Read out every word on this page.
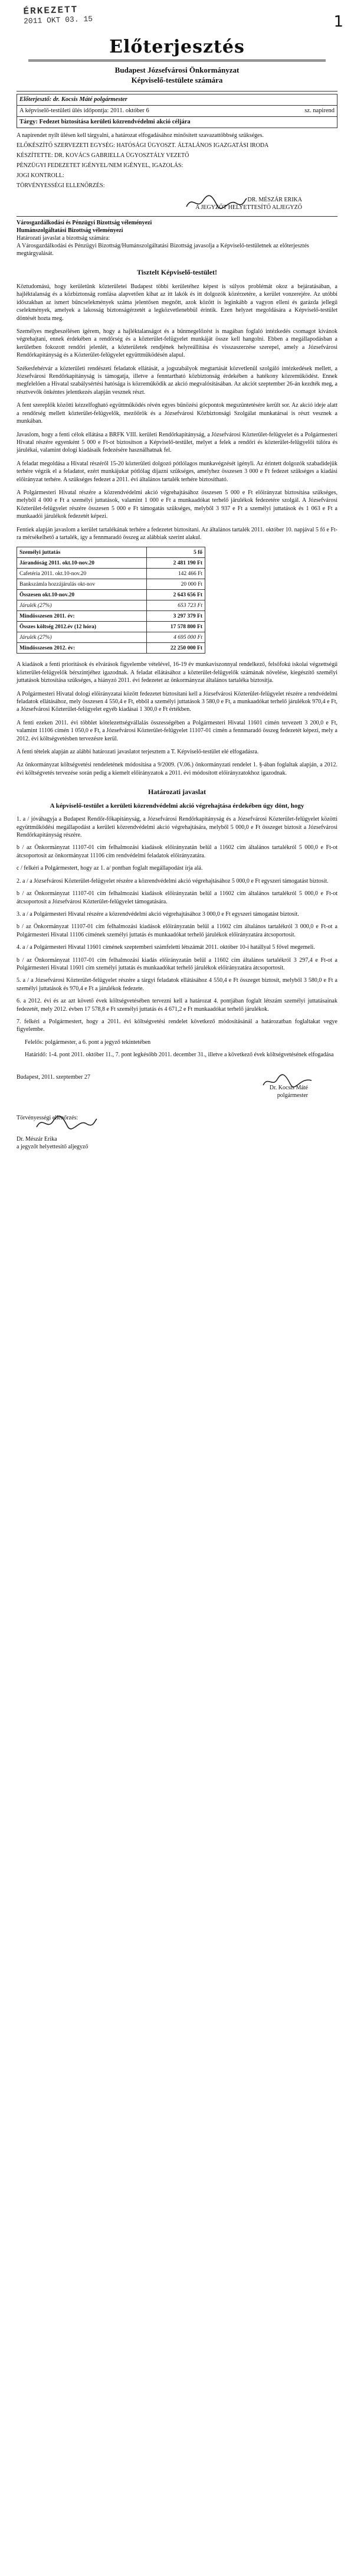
ÉRKEZETT
2011 OKT 03. 15	1
Előterjesztés
Budapest Józsefvárosi Önkormányzat
Képviselő-testülete számára
Előterjesztő: dr. Kocsis Máté polgármester
A képviselő-testületi ülés időpontja: 2011. október 6	sz. napirend
Tárgy: Fedezet biztosítása kerületi közrendvédelmi akció céljára
A napirendet nyílt ülésen kell tárgyalni, a határozat elfogadásához minősített szavazattöbbség szükséges.
ELŐKÉSZÍTŐ SZERVEZETI EGYSÉG: HATÓSÁGI ÜGYOSZT. ÁLTALÁNOS IGAZGATÁSI IRODA
KÉSZÍTETTE: DR. KOVÁCS GABRIELLA ÜGYOSZTÁLY VEZETŐ
PÉNZÜGYI FEDEZETET IGÉNYEL/NEM IGÉNYEL, IGAZOLÁS:
JOGI KONTROLL:
TÖRVÉNYESSÉGI ELLENŐRZÉS:
DR. MÉSZÁR ERIKA
A JEGYZŐT HELYETTESÍTŐ ALJEGYZŐ
Városgazdálkodási és Pénzügyi Bizottság véleményezi
Humánszolgáltatási Bizottság véleményezi
Határozati javaslat a bizottság számára:
A Városgazdálkodási és Pénzügyi Bizottság/Humánszolgáltatási Bizottság javasolja a Képviselő-testületnek az előterjesztés megtárgyalását.
Tisztelt Képviselő-testület!

Köztudomású, hogy kerületünk közterületei Budapest többi kerületéhez képest is súlyos problémát okoz a bejáratásában, a hajléktalanság és a közbiztonság romlása alapvetően kihat az itt lakók és itt dolgozók közérzetére, a kerület vonzerejére. Az utóbbi időszakban az ismert bűncselekmények száma jelentősen megnőtt, azok között is leginkább a vagyon elleni és garázda jellegű cselekmények, amelyek a lakosság biztonságérzetét a legközvetlenebbül érintik. Ezen helyzet megoldására a Képviselő-testület döntését hozta meg.

Személyes megbeszélésen ígérem, hogy a hajléktalanságot és a bűnmegelőzést is magában foglaló intézkedés csomagot kívánok végrehajtani, ennek érdekében a rendőrség és a közterület-felügyelet munkáját össze kell hangolni. Ebben a megállapodásban a kerületben fokozott rendőri jelenlét, a közterületek rendjének helyreállítása és visszaszerzése szerepel, amely a Józsefvárosi Rendőrkapitányság és a Közterület-felügyelet együttműködésén alapul.

Székesfehérvár a közterületi rendészeti feladatok ellátását, a jogszabályok megtartását közvetlenül szolgáló intézkedések mellett, a Józsefvárosi Rendőrkapitányság is támogatja, illetve a fenntartható közbiztonság érdekében a hatékony közreműködést. Ennek megfelelően a Hivatal szabálysértési hatósága is közreműködik az akció megvalósításában. Az akciót szeptember 26-án kezdték meg, a résztvevők önkéntes jelentkezés alapján vesznek részt.

A fent szereplők közötti kézzelfogható együttműködés révén egyes bűnözési gócpontok megszüntetésére került sor. Az akció ideje alatt a rendőrség mellett közterület-felügyelők, mezőőrök és a Józsefvárosi Közbiztonsági Szolgálat munkatársai is részt vesznek a munkában.

Javaslom, hogy a fenti célok ellátása a BRFK VIII. kerületi Rendőrkapitányság, a Józsefvárosi Közterület-felügyelet és a Polgármesteri Hivatal részére egyenként 5 000 e Ft-ot biztosítson a Képviselő-testület, melyet a felek a rendőri és közterület-felügyelői túlóra és járulékai, valamint dologi kiadásaik fedezésére használhatnak fel.

A feladat megoldása a Hivatal részéről 15-20 közterületi dolgozó pótlólagos munkavégzését igényli. Az érintett dolgozók szabadidejük terhére végzik el a feladatot, ezért munkájukat pótlólag díjazni szükséges, amelyhez összesen 3 000 e Ft fedezet szükséges a kiadási előirányzat terhére. A szükséges fedezet a 2011. évi általános tartalék terhére biztosítható.

A Polgármesteri Hivatal részére a közrendvédelmi akció végrehajtásához összesen 5 000 e Ft előirányzat biztosítása szükséges, melyből 4 000 e Ft a személyi juttatások, valamint 1 000 e Ft a munkaadókat terhelő járulékok fedezetére szolgál. A Józsefvárosi Közterület-felügyelet részére összesen 5 000 e Ft támogatás szükséges, melyből 3 937 e Ft a személyi juttatások és 1 063 e Ft a munkaadói járulékok fedezetét képezi.

Fentiek alapján javaslom a kerület tartalékának terhére a fedezetet biztosítani. Az általános tartalék 2011. október 10. napjával 5 fő e Ft-ra mérsékelhető a tartalék, így a fennmaradó összeg az alábbiak szerint alakul.

Személyi juttatás	5 fő
Járandóság 2011. okt.10-nov.20	2 481 190 Ft
Cafetéria 2011. okt.10-nov.20	142 466 Ft
Bankszámla hozzájárulás okt-nov	20 000 Ft
Összesen okt.10-nov.20	2 643 656 Ft
Járulék (27%)	653 723 Ft
Mindösszesen 2011. év:	3 297 379 Ft
Összes költség 2012.év (12 hóra)	17 578 800 Ft
Járulék (27%)	4 695 000 Ft
Mindösszesen 2012. év:	22 250 000 Ft

A kiadások a fenti prioritások és elvárások figyelembe vételével, 16-19 év munkaviszonnyal rendelkező, felsőfokú iskolai végzettségű közterület-felügyelők bérszintjéhez igazodnak. A feladat ellátásához a közterület-felügyelők számának növelése, kiegészítő személyi juttatások biztosítása szükséges, a hiányzó 2011. évi fedezetet az önkormányzat általános tartaléka biztosítja.

A Polgármesteri Hivatal dologi előirányzatai között fedezetet biztosítani kell a Józsefvárosi Közterület-felügyelet részére a rendvédelmi feladatok ellátásához, mely összesen 4 550,4 e Ft, ebből a személyi juttatások 3 580,0 e Ft, a munkaadókat terhelő járulékok 970,4 e Ft, a Józsefvárosi Közterület-felügyelet egyéb kiadásai 1 300,0 e Ft értékben.

A fenti ezeken 2011. évi többlet kötelezettségvállalás összességében a Polgármesteri Hivatal 11601 címén tervezett 3 200,0 e Ft, valamint 11106 címén 1 050,0 e Ft, a Józsefvárosi Közterület-felügyelet 11107-01 címén a fennmaradó összeg fedezetét képezi, mely a 2012. évi költségvetésben tervezésre kerül.

A fenti tételek alapján az alábbi határozati javaslatot terjesztem a T. Képviselő-testület elé elfogadásra.

Az önkormányzat költségvetési rendeletének módosítása a 9/2009. (V.06.) önkormányzati rendelet 1. §-ában foglaltak alapján, a 2012. évi költségvetés tervezése során pedig a kiemelt előirányzatok a 2011. évi módosított előirányzatokhoz igazodnak.

Határozati javaslat
A képviselő-testület a kerületi közrendvédelmi akció végrehajtása érdekében úgy dönt, hogy

1. a / jóváhagyja a Budapest Rendőr-főkapitányság, a Józsefvárosi Rendőrkapitányság és a Józsefvárosi Közterület-felügyelet közötti együttműködési megállapodást a kerületi közrendvédelmi akció végrehajtására, melyből 5 000,0 e Ft összeget biztosít a Józsefvárosi Rendőrkapitányság részére.

b / az Önkormányzat 11107-01 cím felhalmozási kiadások előirányzatán belül a 11602 cím általános tartalékról 5 000,0 e Ft-ot átcsoportosít az önkormányzat 11106 cím rendvédelmi feladatok előirányzatára.

c / felkéri a Polgármestert, hogy az 1. a/ pontban foglalt megállapodást írja alá.

2. a / a Józsefvárosi Közterület-felügyelet részére a közrendvédelmi akció végrehajtásához 5 000,0 e Ft egyszeri támogatást biztosít.

b / az Önkormányzat 11107-01 cím felhalmozási kiadások előirányzatán belül a 11602 cím általános tartalékról 5 000,0 e Ft-ot átcsoportosít a Józsefvárosi Közterület-felügyelet támogatására.

3. a / a Polgármesteri Hivatal részére a közrendvédelmi akció végrehajtásához 3 000,0 e Ft egyszeri támogatást biztosít.

b / az Önkormányzat 11107-01 cím felhalmozási kiadások előirányzatán belül a 11602 cím általános tartalékról 3 000,0 e Ft-ot a Polgármesteri Hivatal 11106 címének személyi juttatás és munkaadókat terhelő járulékok előirányzatára átcsoportosít.

4. a / a Polgármesteri Hivatal 11601 címének szeptemberi számfeletti létszámát 2011. október 10-i hatállyal 5 fővel megemeli.

b / az Önkormányzat 11107-01 cím felhalmozási kiadás előirányzatán belül a 11602 cím általános tartalékról 3 297,4 e Ft-ot a Polgármesteri Hivatal 11601 cím személyi juttatás és munkaadókat terhelő járulékok előirányzatára átcsoportosít.

5. a / a Józsefvárosi Közterület-felügyelet részére a tárgyi feladatok ellátásához 4 550,4 e Ft összeget biztosít, melyből 3 580,0 e Ft a személyi juttatások és 970,4 e Ft a járulékok fedezete.

6. a 2012. évi és az azt követő évek költségvetésében tervezni kell a határozat 4. pontjában foglalt létszám személyi juttatásainak fedezetét, mely 2012. évben 17 578,8 e Ft személyi juttatás és 4 671,2 e Ft munkaadókat terhelő járulékok.

7. felkéri a Polgármestert, hogy a 2011. évi költségvetési rendelet következő módosításánál a határozatban foglaltakat vegye figyelembe.

Felelős: polgármester, a 6. pont a jegyző tekintetében
Határidő: 1-4. pont 2011. október 11., 7. pont legkésőbb 2011. december 31., illetve a következő évek költségvetésének elfogadása
Budapest, 2011. szeptember 27
Dr. Kocsis Máté
polgármester
Törvényességi ellenőrzés:
Dr. Mészár Erika
a jegyzőt helyettesítő aljegyző
